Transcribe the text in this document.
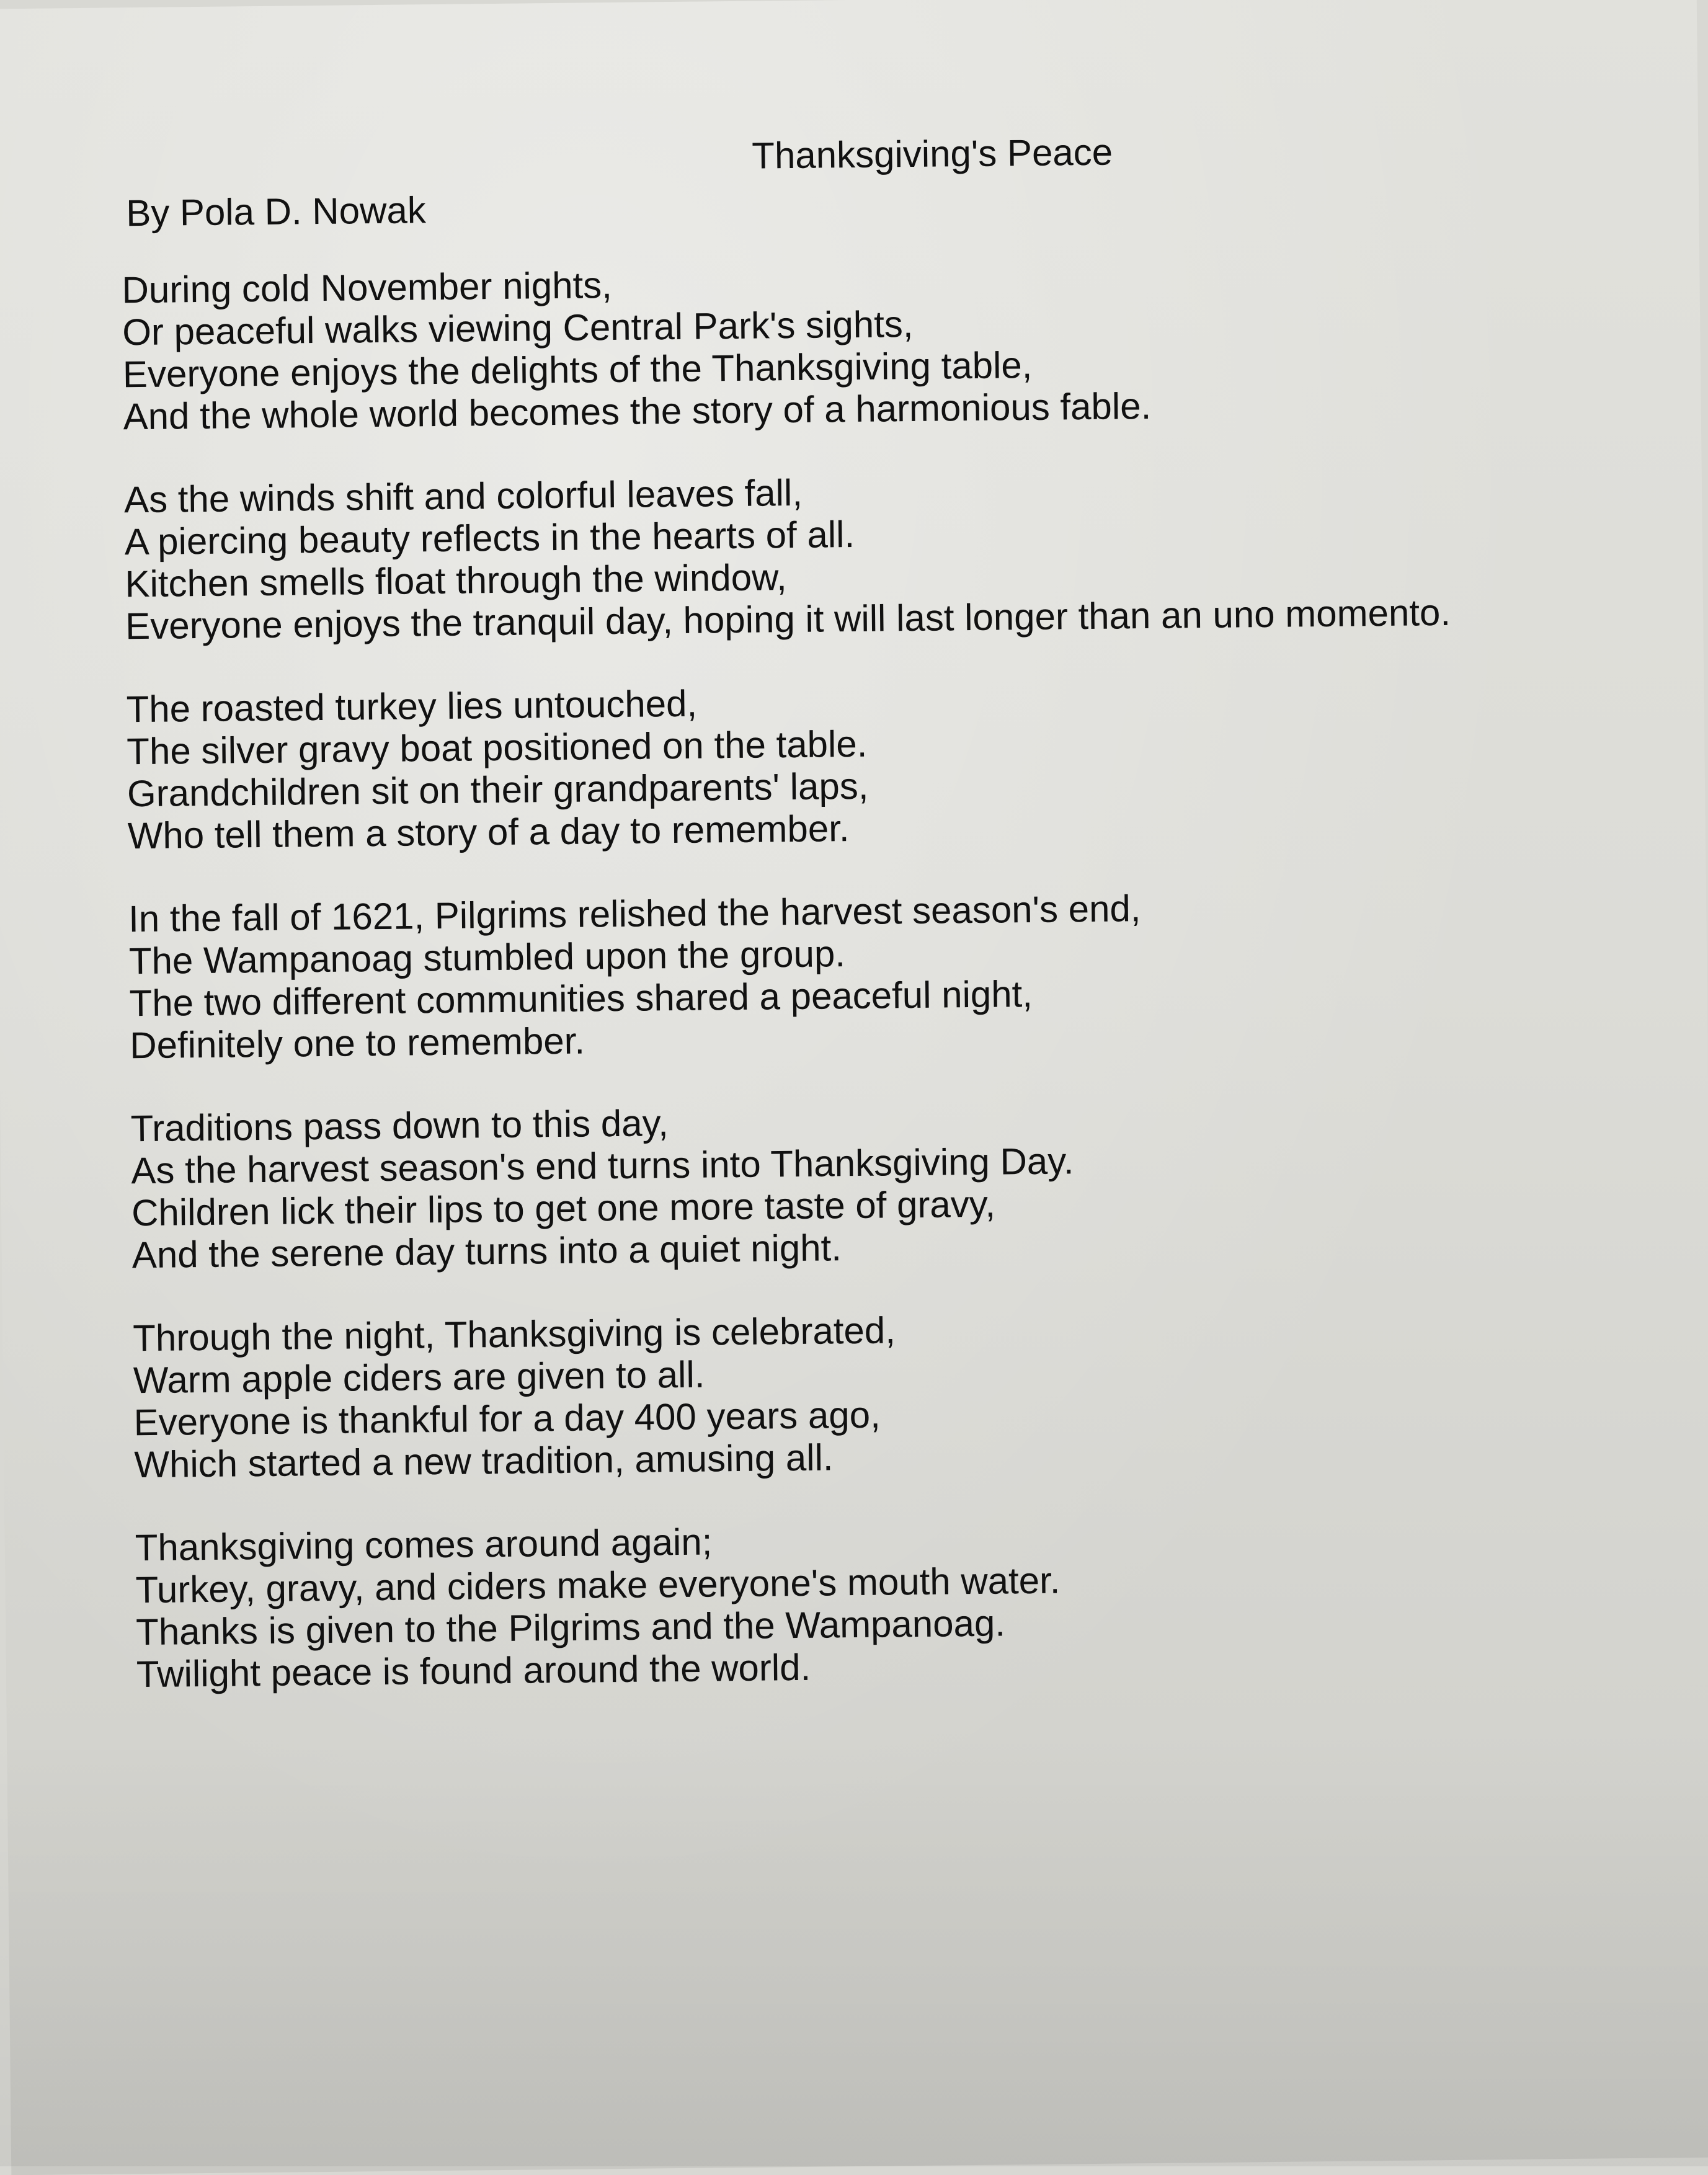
Thanksgiving's Peace
By Pola D. Nowak
During cold November nights,
Or peaceful walks viewing Central Park's sights,
Everyone enjoys the delights of the Thanksgiving table,
And the whole world becomes the story of a harmonious fable.
As the winds shift and colorful leaves fall,
A piercing beauty reflects in the hearts of all.
Kitchen smells float through the window,
Everyone enjoys the tranquil day, hoping it will last longer than an uno momento.
The roasted turkey lies untouched,
The silver gravy boat positioned on the table.
Grandchildren sit on their grandparents' laps,
Who tell them a story of a day to remember.
In the fall of 1621, Pilgrims relished the harvest season's end,
The Wampanoag stumbled upon the group.
The two different communities shared a peaceful night,
Definitely one to remember.
Traditions pass down to this day,
As the harvest season's end turns into Thanksgiving Day.
Children lick their lips to get one more taste of gravy,
And the serene day turns into a quiet night.
Through the night, Thanksgiving is celebrated,
Warm apple ciders are given to all.
Everyone is thankful for a day 400 years ago,
Which started a new tradition, amusing all.
Thanksgiving comes around again;
Turkey, gravy, and ciders make everyone's mouth water.
Thanks is given to the Pilgrims and the Wampanoag.
Twilight peace is found around the world.
